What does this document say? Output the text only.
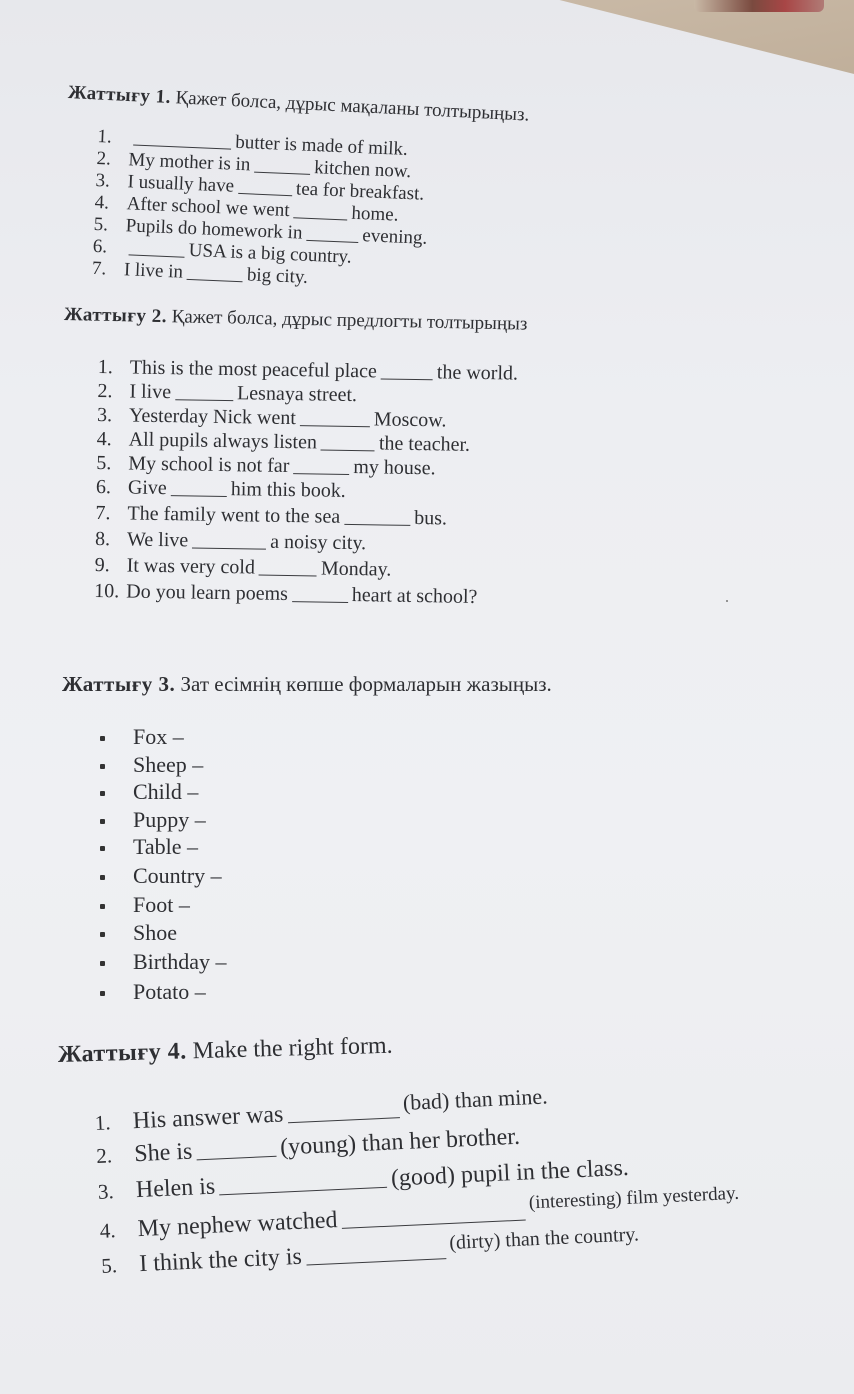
Жаттығу 1. Қажет болса, дұрыс мақаланы толтырыңыз.
1.	butter is made of milk.
2. My mother is in	kitchen now.
3. I usually have	tea for breakfast.
4. After school we went	home.
5. Pupils do homework in	evening.
6.	USA is a big country.
7. I live in	big city.
Жаттығу 2. Қажет болса, дұрыс предлогты толтырыңыз
1. This is the most peaceful place	the world.
2. I live	Lesnaya street.
3. Yesterday Nick went	Moscow.
4. All pupils always listen	the teacher.
5. My school is not far	my house.
6. Give	him this book.
7. The family went to the sea	bus.
8. We live	a noisy city.
9. It was very cold	Monday.
10. Do you learn poems	heart at school?
Жаттығу 3. Зат есімнің көпше формаларын жазыңыз.
Fox –
Sheep –
Child –
Puppy –
Table –
Country –
Foot –
Shoe
Birthday –
Potato –
Жаттығу 4. Make the right form.
1. His answer was(bad) than mine.
2. She is	(young) than her brother.
3. Helen is	(good) pupil in the class.
4. My nephew watched$^{(interesting) film yesterday.}$
5. I think the city $is^{(dirty) than the country.}$
